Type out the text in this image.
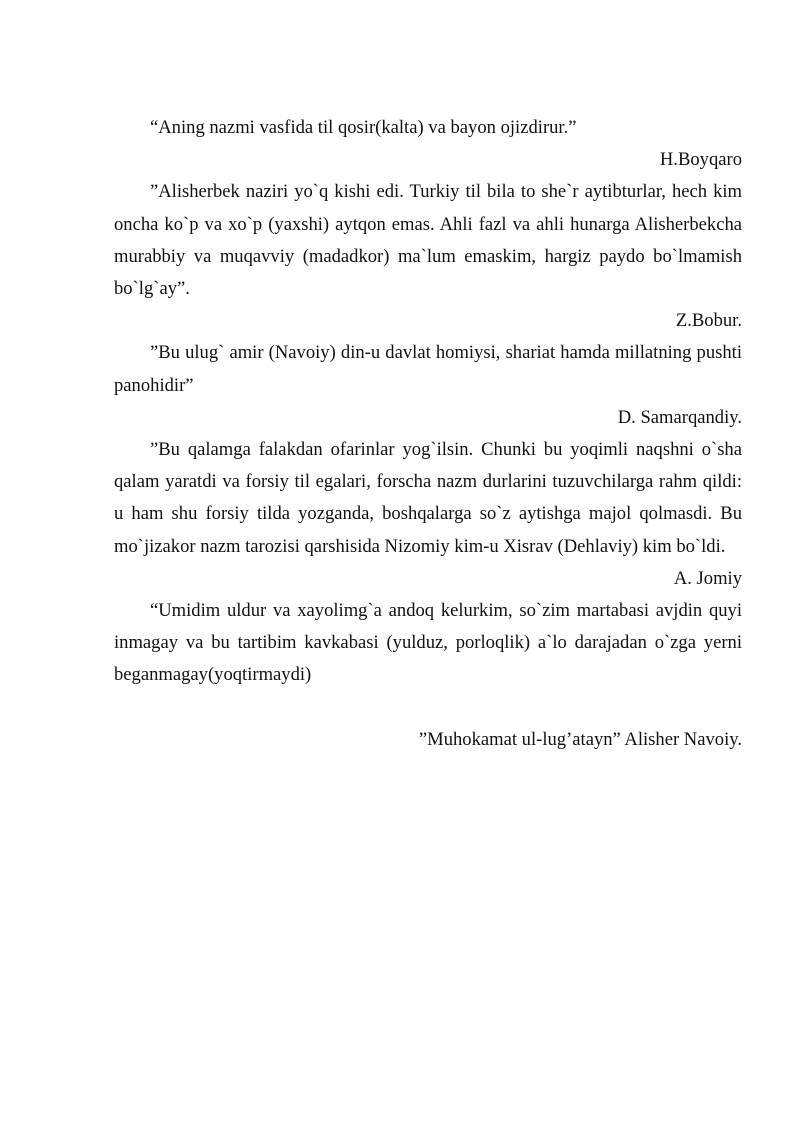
“Aning nazmi vasfida til qosir(kalta) va bayon ojizdirur.”

H.Boyqaro

”Alisherbek naziri yo`q kishi edi. Turkiy til bila to she`r aytibturlar, hech kim oncha ko`p va xo`p (yaxshi) aytqon emas. Ahli fazl va ahli hunarga Alisherbekcha murabbiy va muqavviy (madadkor) ma`lum emaskim, hargiz paydo bo`lmamish bo`lg`ay”.

Z.Bobur.

”Bu ulug` amir (Navoiy) din-u davlat homiysi, shariat hamda millatning pushti panohidir”

D. Samarqandiy.

”Bu qalamga falakdan ofarinlar yog`ilsin. Chunki bu yoqimli naqshni o`sha qalam yaratdi va forsiy til egalari, forscha nazm durlarini tuzuvchilarga rahm qildi: u ham shu forsiy tilda yozganda, boshqalarga so`z aytishga majol qolmasdi. Bu mo`jizakor nazm tarozisi qarshisida Nizomiy kim-u Xisrav (Dehlaviy) kim bo`ldi.

A. Jomiy

“Umidim uldur va xayolimg`a andoq kelurkim, so`zim martabasi avjdin quyi inmagay va bu tartibim kavkabasi (yulduz, porloqlik) a`lo darajadan o`zga yerni beganmagay(yoqtirmaydi)

”Muhokamat ul-lug’atayn” Alisher Navoiy.
